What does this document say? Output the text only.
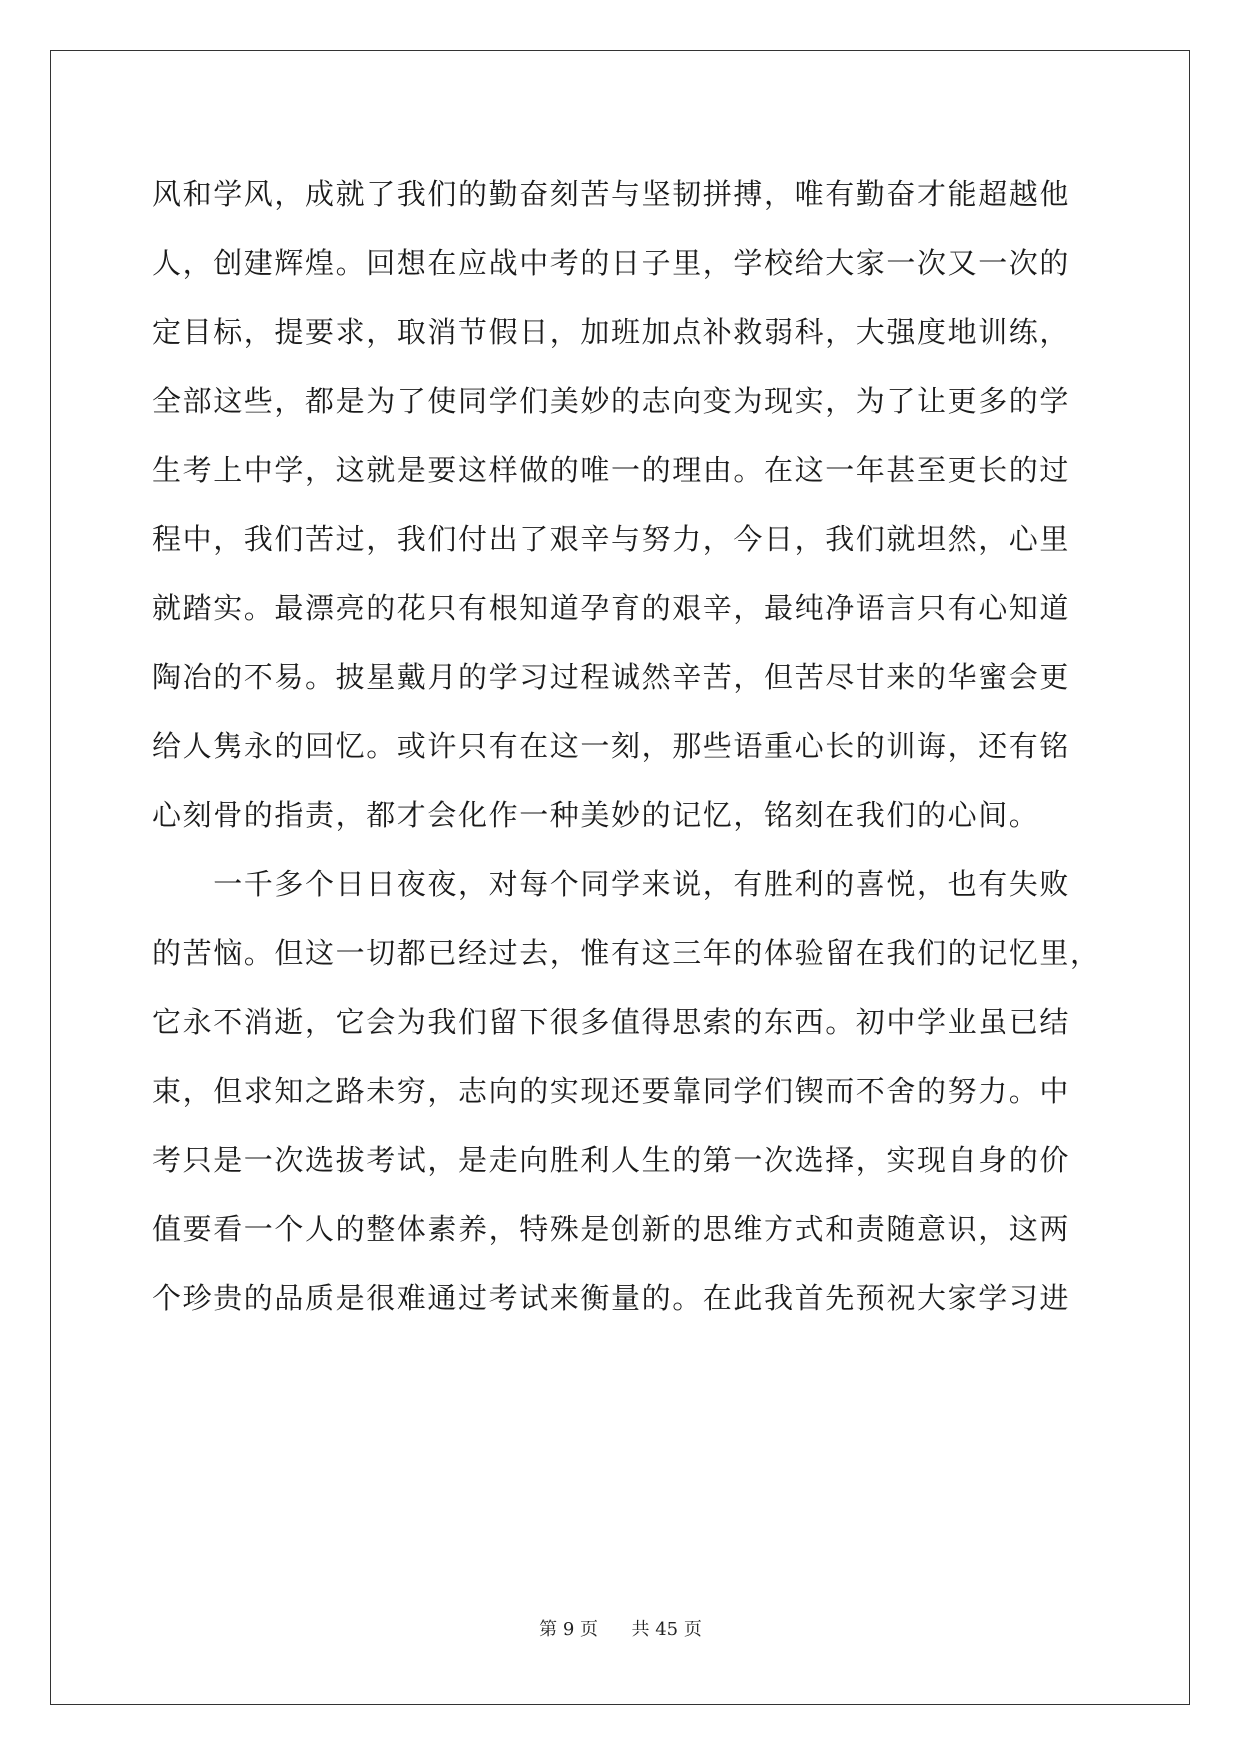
风和学风，成就了我们的勤奋刻苦与坚韧拼搏，唯有勤奋才能超越他
人，创建辉煌。回想在应战中考的日子里，学校给大家一次又一次的
定目标，提要求，取消节假日，加班加点补救弱科，大强度地训练，
全部这些，都是为了使同学们美妙的志向变为现实，为了让更多的学
生考上中学，这就是要这样做的唯一的理由。在这一年甚至更长的过
程中，我们苦过，我们付出了艰辛与努力，今日，我们就坦然，心里
就踏实。最漂亮的花只有根知道孕育的艰辛，最纯净语言只有心知道
陶冶的不易。披星戴月的学习过程诚然辛苦，但苦尽甘来的华蜜会更
给人隽永的回忆。或许只有在这一刻，那些语重心长的训诲，还有铭
心刻骨的指责，都才会化作一种美妙的记忆，铭刻在我们的心间。
　　一千多个日日夜夜，对每个同学来说，有胜利的喜悦，也有失败
的苦恼。但这一切都已经过去，惟有这三年的体验留在我们的记忆里，
它永不消逝，它会为我们留下很多值得思索的东西。初中学业虽已结
束，但求知之路未穷，志向的实现还要靠同学们锲而不舍的努力。中
考只是一次选拔考试，是走向胜利人生的第一次选择，实现自身的价
值要看一个人的整体素养，特殊是创新的思维方式和责随意识，这两
个珍贵的品质是很难通过考试来衡量的。在此我首先预祝大家学习进
第 9 页 共 45 页
